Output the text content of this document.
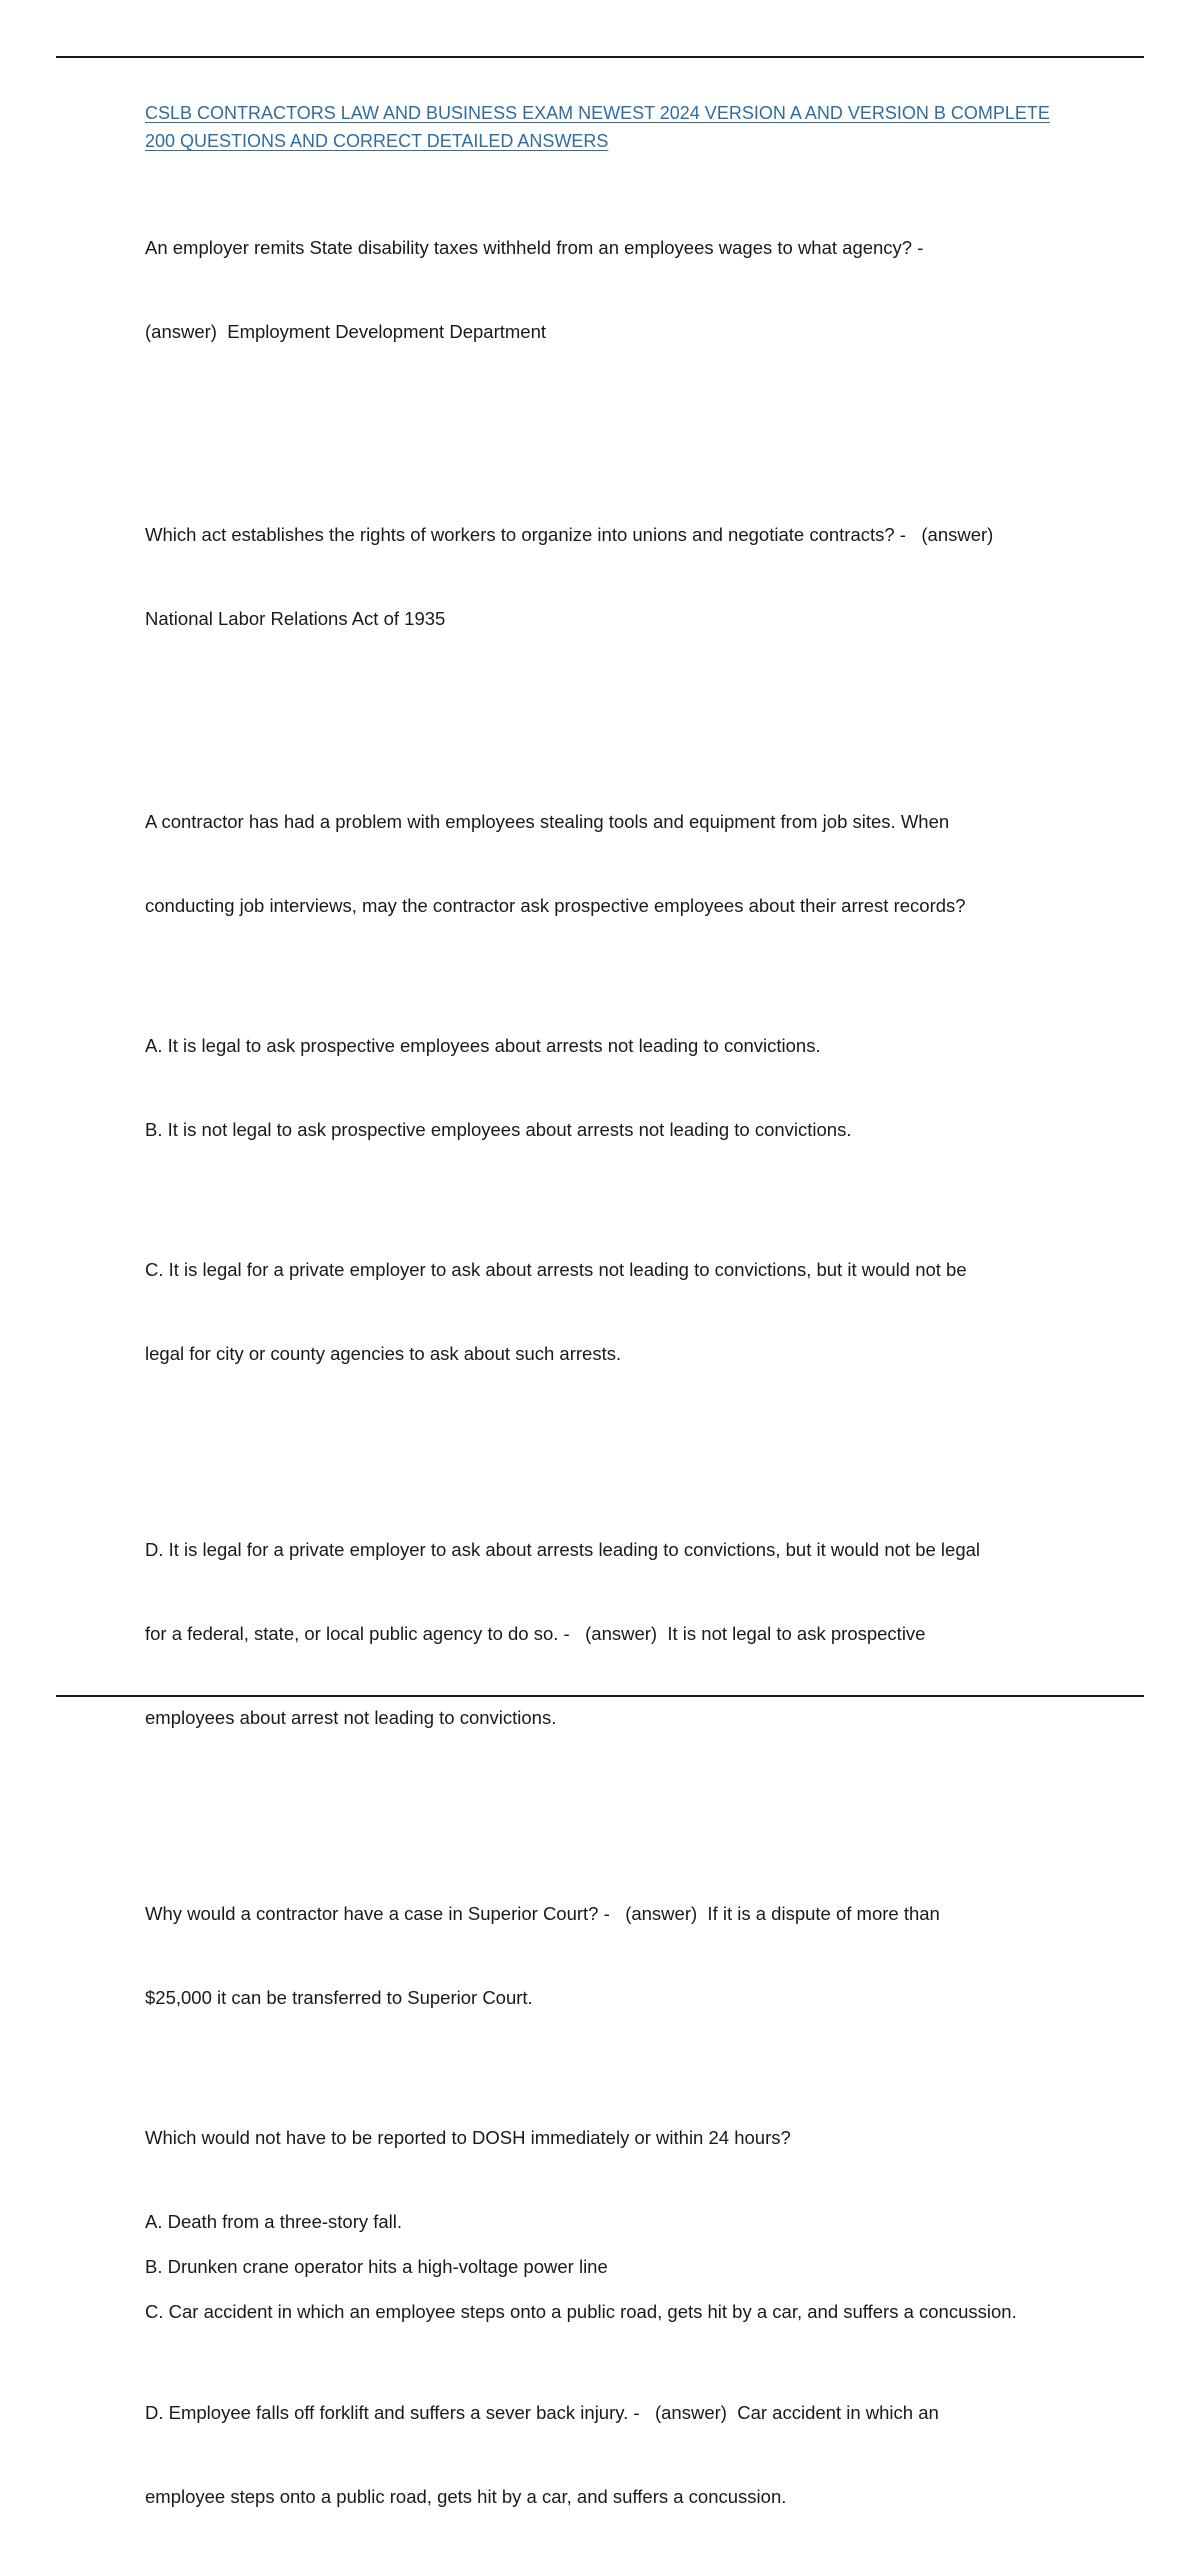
CSLB CONTRACTORS LAW AND BUSINESS EXAM NEWEST 2024 VERSION A AND VERSION B COMPLETE
200 QUESTIONS AND CORRECT DETAILED ANSWERS

An employer remits State disability taxes withheld from an employees wages to what agency? -

(answer)  Employment Development Department

Which act establishes the rights of workers to organize into unions and negotiate contracts? -   (answer)

National Labor Relations Act of 1935

A contractor has had a problem with employees stealing tools and equipment from job sites. When

conducting job interviews, may the contractor ask prospective employees about their arrest records?

A. It is legal to ask prospective employees about arrests not leading to convictions.
B. It is not legal to ask prospective employees about arrests not leading to convictions.

C. It is legal for a private employer to ask about arrests not leading to convictions, but it would not be

legal for city or county agencies to ask about such arrests.

D. It is legal for a private employer to ask about arrests leading to convictions, but it would not be legal

for a federal, state, or local public agency to do so. -   (answer)  It is not legal to ask prospective

employees about arrest not leading to convictions.

Why would a contractor have a case in Superior Court? -   (answer)  If it is a dispute of more than

$25,000 it can be transferred to Superior Court.

Which would not have to be reported to DOSH immediately or within 24 hours?
A. Death from a three-story fall.
B. Drunken crane operator hits a high-voltage power line
C. Car accident in which an employee steps onto a public road, gets hit by a car, and suffers a concussion.

D. Employee falls off forklift and suffers a sever back injury. -   (answer)  Car accident in which an

employee steps onto a public road, gets hit by a car, and suffers a concussion.
